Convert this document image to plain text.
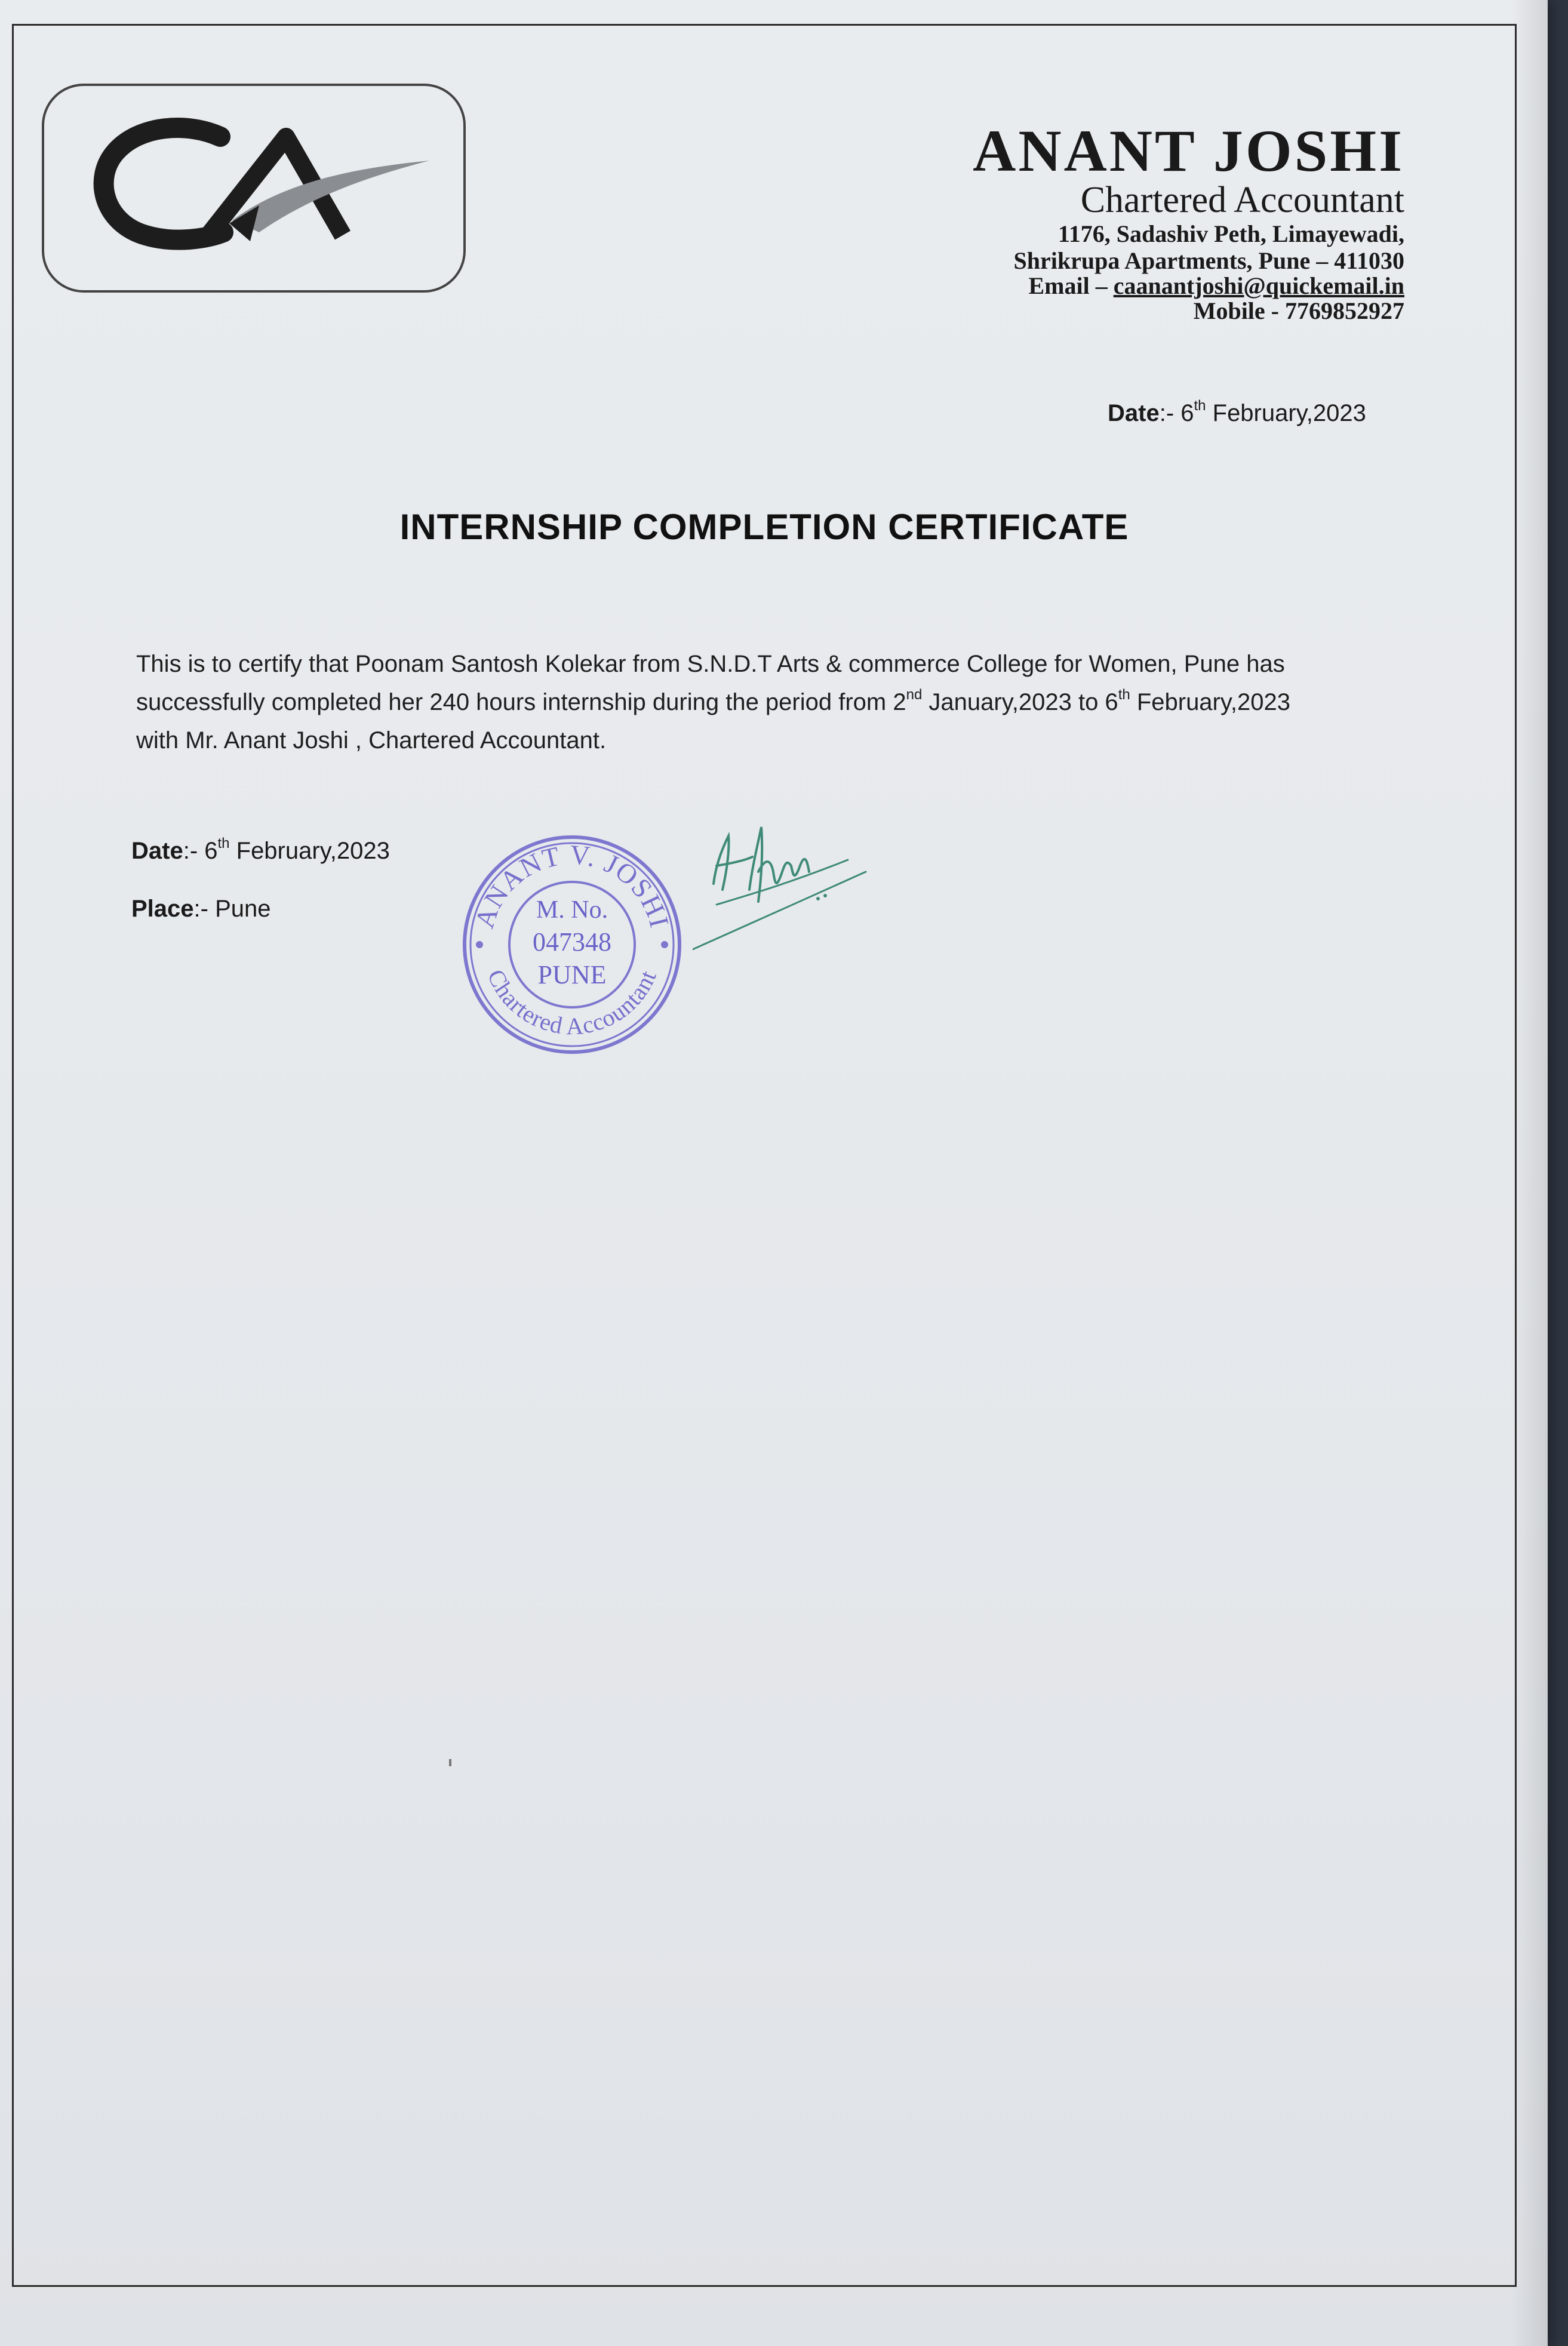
ANANT JOSHI
Chartered Accountant
1176, Sadashiv Peth, Limayewadi,
Shrikrupa Apartments, Pune – 411030
Email – caanantjoshi@quickemail.in
Mobile - 7769852927
Date:- 6th February,2023
INTERNSHIP COMPLETION CERTIFICATE

This is to certify that Poonam Santosh Kolekar from S.N.D.T Arts & commerce College for Women, Pune has

successfully completed her 240 hours internship during the period from 2nd January,2023 to 6th February,2023

with Mr. Anant Joshi , Chartered Accountant.

Date:- 6th February,2023
Place:- Pune	ANANT V. JOSHI
Chartered Accountant
M. No.
047348
PUNE
